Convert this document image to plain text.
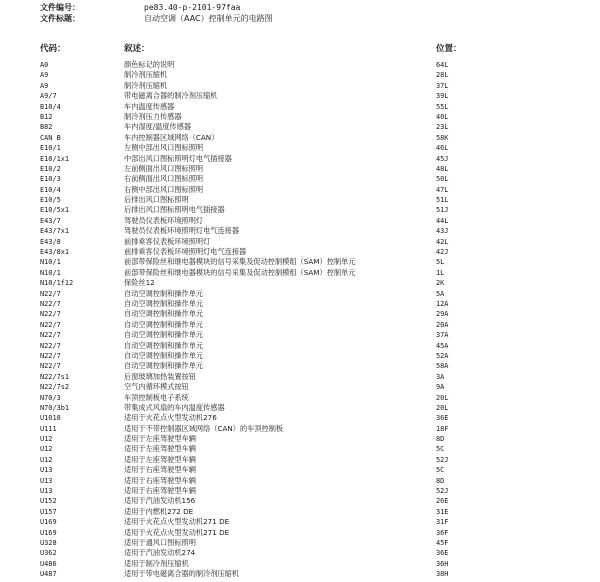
文件编号：	pe83.40-p-2101-97faa
文件标题：	自动空调（AAC）控制单元的电路图
代码：	叙述：	位置：
A0	颜色标记的说明	64L
A9	制冷剂压缩机	28L
A9	制冷剂压缩机	37L
A9/7	带电磁离合器的制冷剂压缩机	39L
B10/4	车内温度传感器	55L
B12	制冷剂压力传感器	40L
B82	车内湿度/温度传感器	23L
CAN B	车内控制器区域网络（CAN）	58K
E10/1	左侧中部出风口图标照明	46L
E10/1x1	中部出风口图标照明灯电气插接器	45J
E10/2	左前侧面出风口图标照明	48L
E10/3	右前侧面出风口图标照明	50L
E10/4	右侧中部出风口图标照明	47L
E10/5	后排出风口图标照明	51L
E10/5x1	后排出风口图标照明电气插接器	51J
E43/7	驾驶员仪表板环境照明灯	44L
E43/7x1	驾驶员仪表板环境照明灯电气连接器	43J
E43/8	前排乘客仪表板环境照明灯	42L
E43/8x1	前排乘客仪表板环境照明灯电气连接器	42J
N10/1	前部带保险丝和继电器模块的信号采集及促动控制模组（SAM）控制单元	5L
N10/1	前部带保险丝和继电器模块的信号采集及促动控制模组（SAM）控制单元	1L
N10/1f12	保险丝12	2K
N22/7	自动空调控制和操作单元	5A
N22/7	自动空调控制和操作单元	12A
N22/7	自动空调控制和操作单元	29A
N22/7	自动空调控制和操作单元	20A
N22/7	自动空调控制和操作单元	37A
N22/7	自动空调控制和操作单元	45A
N22/7	自动空调控制和操作单元	52A
N22/7	自动空调控制和操作单元	58A
N22/7s1	后窗玻璃加热装置按钮	3A
N22/7s2	空气内循环模式按钮	9A
N70/3	车顶控制板电子系统	20L
N70/3b1	带集成式风扇的车内温度传感器	20L
U1018	适用于火花点火型发动机276	36E
U111	适用于不带控制器区域网络（CAN）的车顶控制板	18F
U12	适用于左座驾驶型车辆	8D
U12	适用于左座驾驶型车辆	5C
U12	适用于左座驾驶型车辆	52J
U13	适用于右座驾驶型车辆	5C
U13	适用于右座驾驶型车辆	8D
U13	适用于右座驾驶型车辆	52J
U152	适用于汽油发动机156	26E
U157	适用于内燃机272 DE	31E
U169	适用于火花点火型发动机271 DE	31F
U169	适用于火花点火型发动机271 DE	36F
U328	适用于通风口图标照明	45F
U362	适用于汽油发动机274	36E
U486	适用于制冷剂压缩机	36H
U487	适用于带电磁离合器的制冷剂压缩机	38H
